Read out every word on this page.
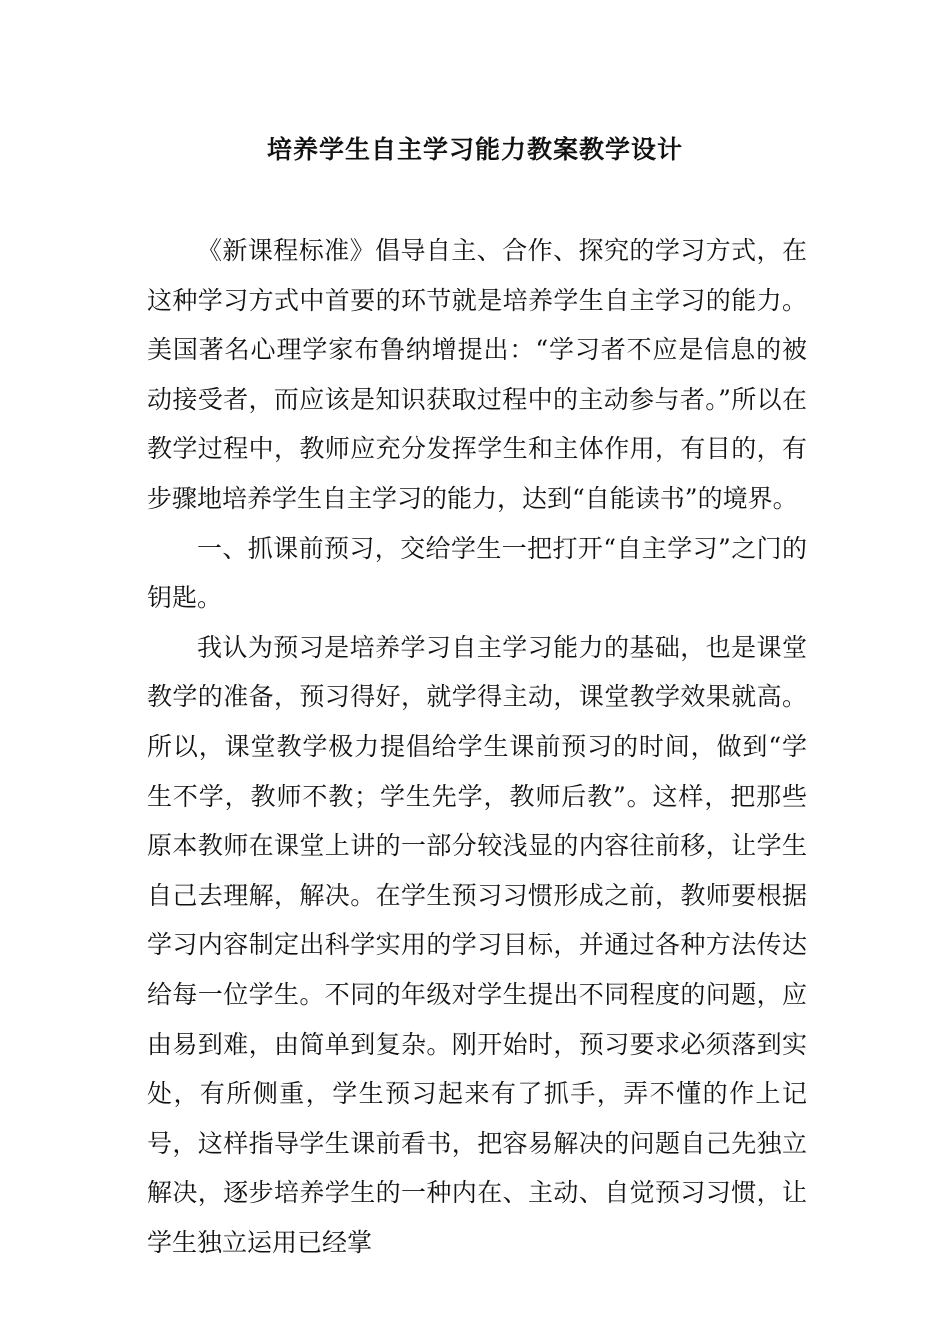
培养学生自主学习能力教案教学设计

《新课程标准》倡导自主、合作、探究的学习方式，在这种学习方式中首要的环节就是培养学生自主学习的能力。美国著名心理学家布鲁纳增提出：“学习者不应是信息的被动接受者，而应该是知识获取过程中的主动参与者。”所以在教学过程中，教师应充分发挥学生和主体作用，有目的，有步骤地培养学生自主学习的能力，达到“自能读书”的境界。

一、抓课前预习，交给学生一把打开“自主学习”之门的钥匙。

我认为预习是培养学习自主学习能力的基础，也是课堂教学的准备，预习得好，就学得主动，课堂教学效果就高。所以，课堂教学极力提倡给学生课前预习的时间，做到“学生不学，教师不教；学生先学，教师后教”。这样，把那些原本教师在课堂上讲的一部分较浅显的内容往前移，让学生自己去理解，解决。在学生预习习惯形成之前，教师要根据学习内容制定出科学实用的学习目标，并通过各种方法传达给每一位学生。不同的年级对学生提出不同程度的问题，应由易到难，由简单到复杂。刚开始时，预习要求必须落到实处，有所侧重，学生预习起来有了抓手，弄不懂的作上记号，这样指导学生课前看书，把容易解决的问题自己先独立解决，逐步培养学生的一种内在、主动、自觉预习习惯，让学生独立运用已经掌
